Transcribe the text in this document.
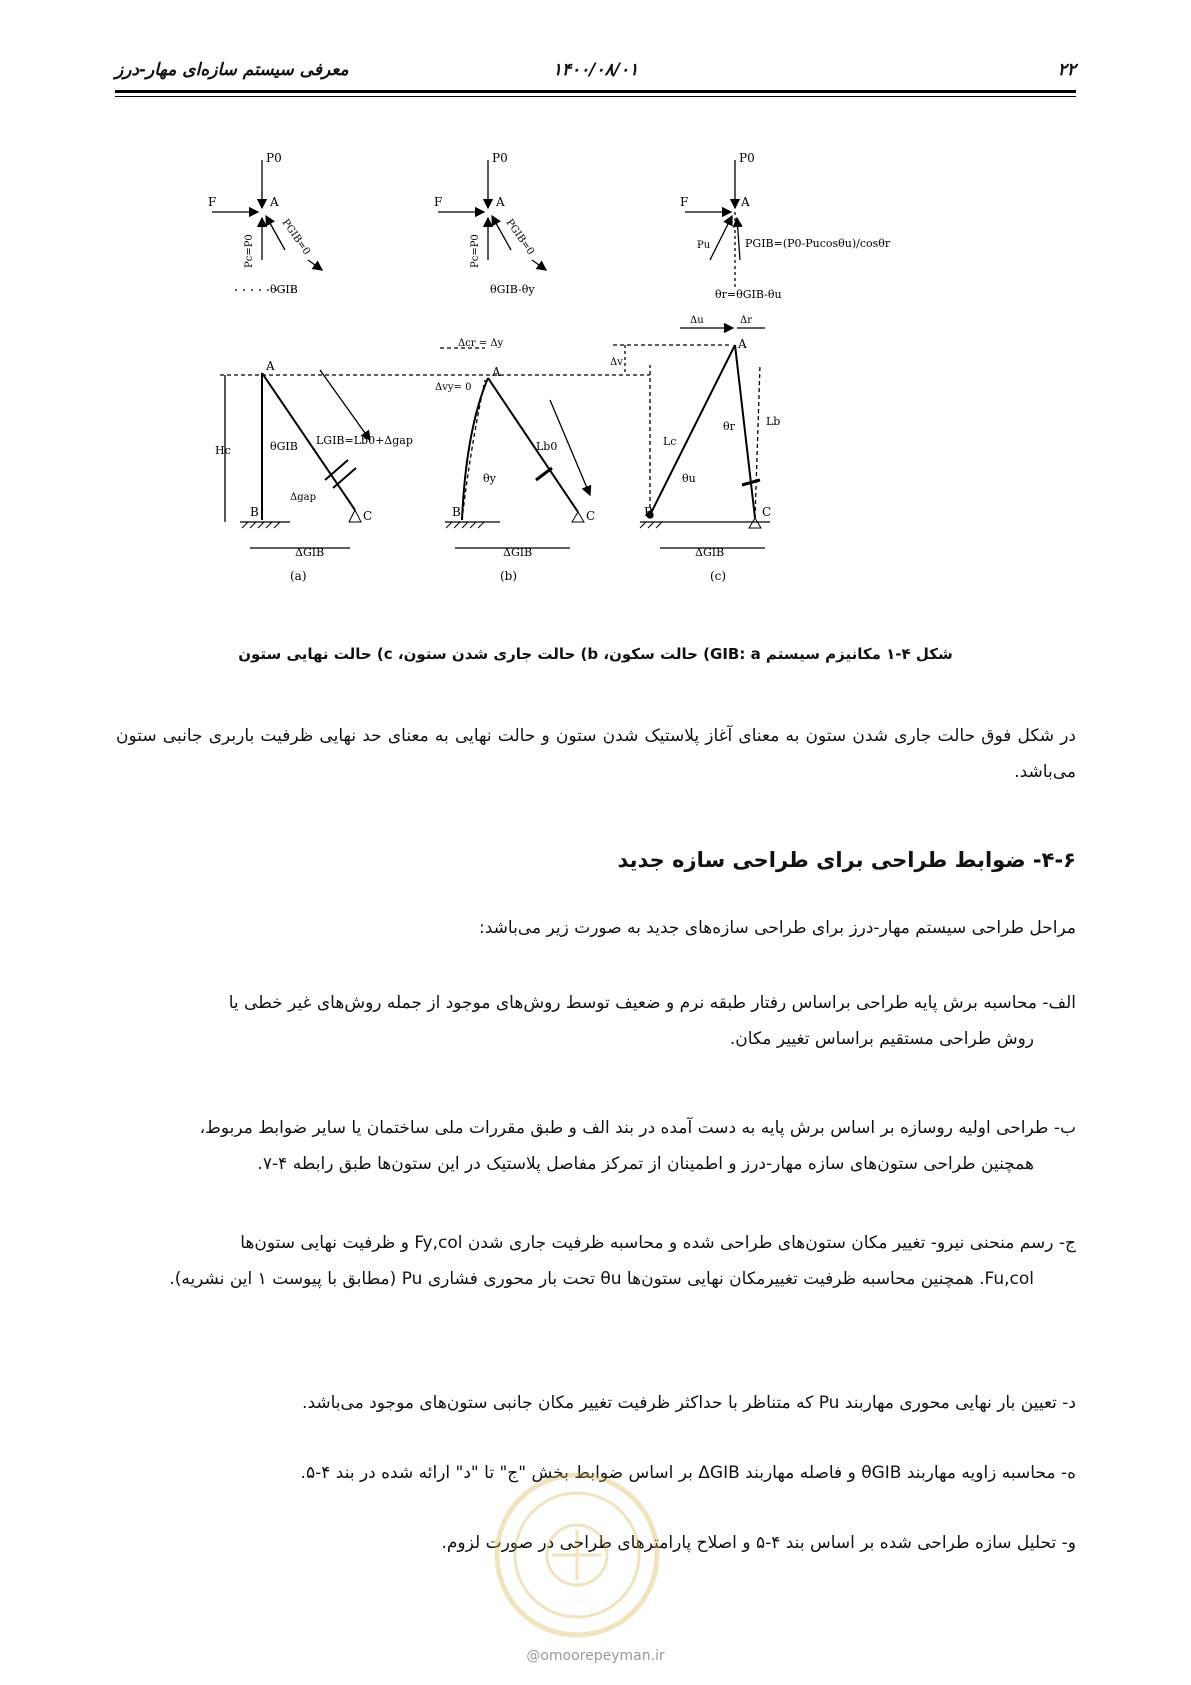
۲۲
۱۴۰۰/۰۸/۰۱
معرفی سیستم سازه‌ای مهار-درز
P0	P0	P0
F	F	F
A	A	A
Pc=P0	Pc=P0
PGIB=0	PGIB=0
θGIB	θGIB-θy
Pu	PGIB=(P0-Pucosθu)/cosθr
θr=θGIB-θu
A	A
A
B	B	B
C	C	C
Hc	θGIB LGIB=Lb0+Δgap
Δgap
ΔGIB
Δcr = Δy
Δvy= 0
Lb0
θy
ΔGIB
Δu	Δr
Δv
Lc
Lb
θr
θu
ΔGIB
(a)	(b)	(c)
شکل ۴-۱ مکانیزم سیستم GIB: a) حالت سکون، b) حالت جاری شدن ستون، c) حالت نهایی ستون
در شکل فوق حالت جاری شدن ستون به معنای آغاز پلاستیک شدن ستون و حالت نهایی به معنای حد نهایی ظرفیت باربری جانبی ستون می‌باشد.
۴-۶- ضوابط طراحی برای طراحی سازه جدید
مراحل طراحی سیستم مهار-درز برای طراحی سازه‌های جدید به صورت زیر می‌باشد:
الف- محاسبه برش پایه طراحی براساس رفتار طبقه نرم و ضعیف توسط روش‌های موجود از جمله روش‌های غیر خطی یا
روش طراحی مستقیم براساس تغییر مکان.
ب- طراحی اولیه روسازه بر اساس برش پایه به دست آمده در بند الف و طبق مقررات ملی ساختمان یا سایر ضوابط مربوط،
همچنین طراحی ستون‌های سازه مهار-درز و اطمینان از تمرکز مفاصل پلاستیک در این ستون‌ها طبق رابطه ۴-۷.
ج- رسم منحنی نیرو- تغییر مکان ستون‌های طراحی شده و محاسبه ظرفیت جاری شدن Fy,col و ظرفیت نهایی ستون‌ها
Fu,col. همچنین محاسبه ظرفیت تغییرمکان نهایی ستون‌ها θu تحت بار محوری فشاری Pu (مطابق با پیوست ۱ این نشریه).
د- تعیین بار نهایی محوری مهاربند Pu که متناظر با حداکثر ظرفیت تغییر مکان جانبی ستون‌های موجود می‌باشد.
ه- محاسبه زاویه مهاربند θGIB و فاصله مهاربند ΔGIB بر اساس ضوابط بخش "ج" تا "د" ارائه شده در بند ۴-۵.
و- تحلیل سازه طراحی شده بر اساس بند ۴-۵ و اصلاح پارامترهای طراحی در صورت لزوم.
@omoorepeyman.ir
